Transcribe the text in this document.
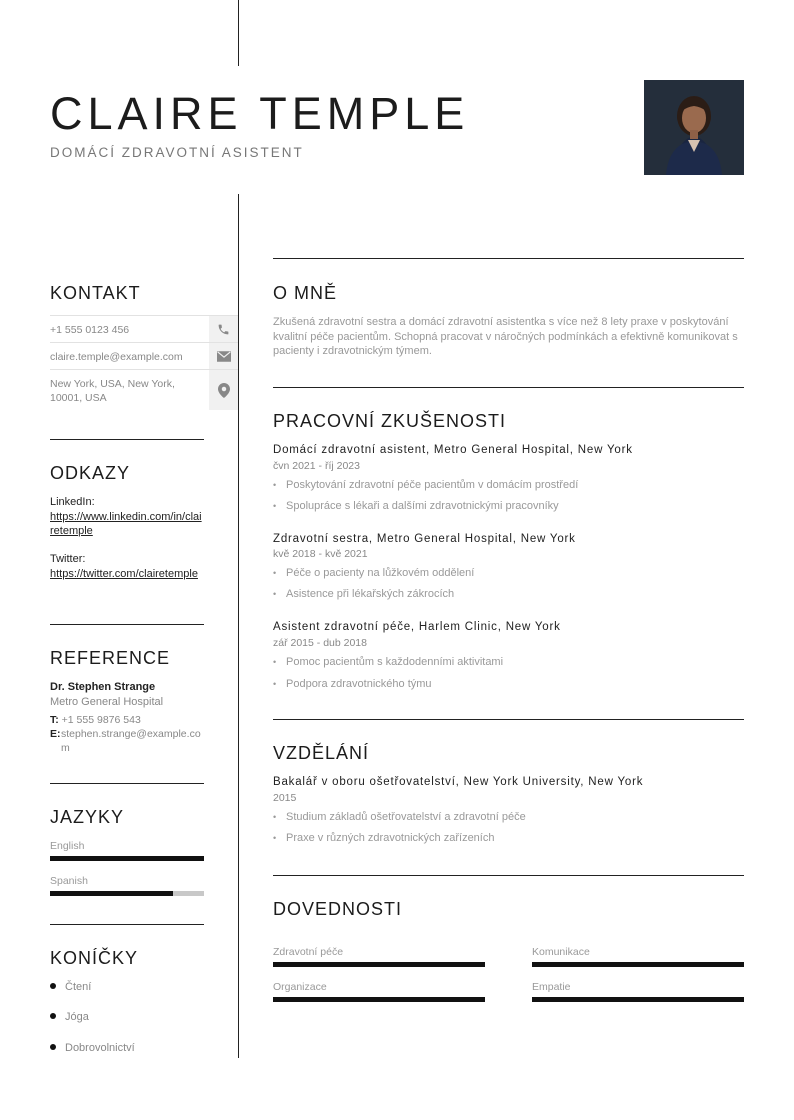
CLAIRE TEMPLE
DOMÁCÍ ZDRAVOTNÍ ASISTENT
KONTAKT
+1 555 0123 456
claire.temple@example.com
New York, USA, New York, 10001, USA
ODKAZY
LinkedIn:
https://www.linkedin.com/in/clairetemple
Twitter:
https://twitter.com/clairetemple
REFERENCE
Dr. Stephen Strange
Metro General Hospital
T: +1 555 9876 543
E: stephen.strange@example.com
JAZYKY
English
Spanish
KONÍČKY
Čtení
Jóga
Dobrovolnictví
O MNĚ
Zkušená zdravotní sestra a domácí zdravotní asistentka s více než 8 lety praxe v poskytování kvalitní péče pacientům. Schopná pracovat v náročných podmínkách a efektivně komunikovat s pacienty i zdravotnickým týmem.
PRACOVNÍ ZKUŠENOSTI
Domácí zdravotní asistent, Metro General Hospital, New York
čvn 2021 - říj 2023
• Poskytování zdravotní péče pacientům v domácím prostředí
• Spolupráce s lékaři a dalšími zdravotnickými pracovníky
Zdravotní sestra, Metro General Hospital, New York
kvě 2018 - kvě 2021
• Péče o pacienty na lůžkovém oddělení
• Asistence při lékařských zákrocích
Asistent zdravotní péče, Harlem Clinic, New York
zář 2015 - dub 2018
• Pomoc pacientům s každodenními aktivitami
• Podpora zdravotnického týmu
VZDĚLÁNÍ
Bakalář v oboru ošetřovatelství, New York University, New York
2015
• Studium základů ošetřovatelství a zdravotní péče
• Praxe v různých zdravotnických zařízeních
DOVEDNOSTI
Zdravotní péče	Komunikace
Organizace	Empatie
